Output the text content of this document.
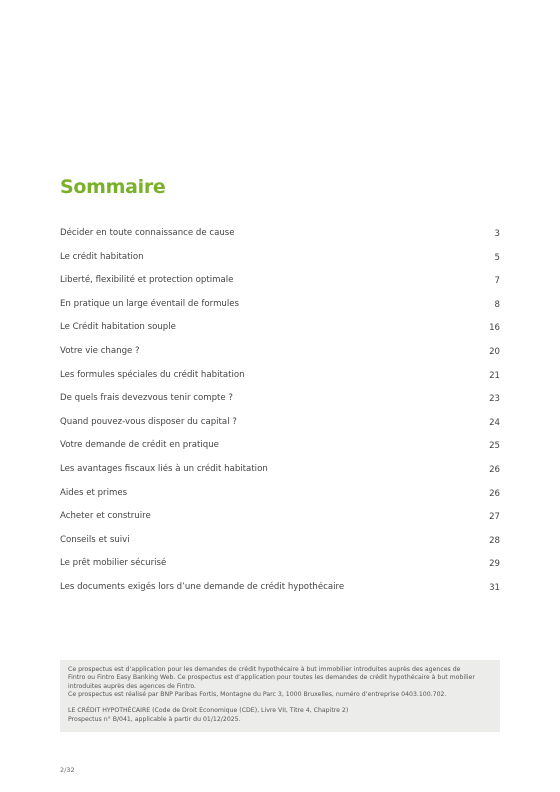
Sommaire
Décider en toute connaissance de cause	3
Le crédit habitation	5
Liberté, flexibilité et protection optimale	7
En pratique un large éventail de formules	8
Le Crédit habitation souple	16
Votre vie change ?	20
Les formules spéciales du crédit habitation	21
De quels frais devezvous tenir compte ?	23
Quand pouvez-vous disposer du capital ?	24
Votre demande de crédit en pratique	25
Les avantages fiscaux liés à un crédit habitation	26
Aides et primes	26
Acheter et construire	27
Conseils et suivi	28
Le prêt mobilier sécurisé	29
Les documents exigés lors d’une demande de crédit hypothécaire	31

Ce prospectus est d’application pour les demandes de crédit hypothécaire à but immobilier introduites auprès des agences de

Fintro ou Fintro Easy Banking Web. Ce prospectus est d’application pour toutes les demandes de crédit hypothécaire à but mobilier

introduites auprès des agences de Fintro.

Ce prospectus est réalisé par BNP Paribas Fortis, Montagne du Parc 3, 1000 Bruxelles, numéro d’entreprise 0403.100.702.

LE CRÉDIT HYPOTHÉCAIRE (Code de Droit Economique (CDE), Livre VII, Titre 4, Chapitre 2)

Prospectus n° B/041, applicable à partir du 01/12/2025.

2/32
